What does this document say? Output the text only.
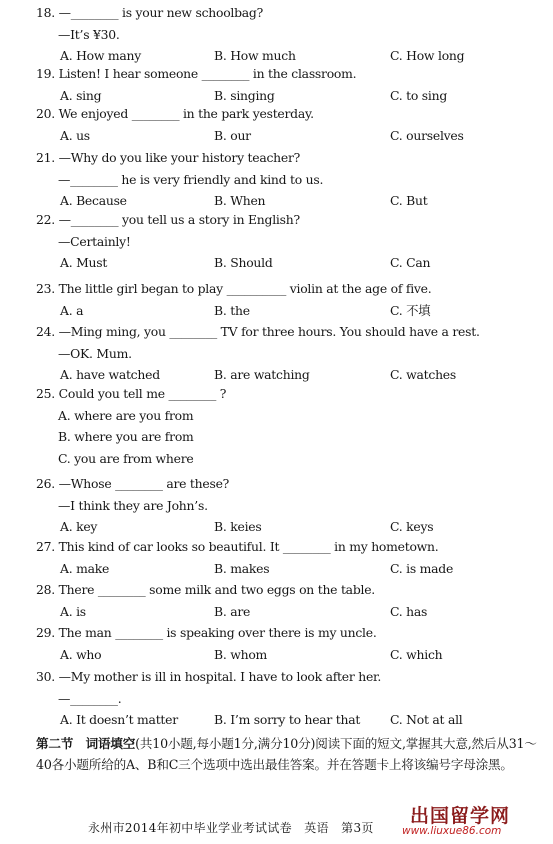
18. —________ is your new schoolbag?
—It’s ¥30.
A. How many	B. How much	C. How long
19. Listen! I hear someone ________ in the classroom.
A. sing	B. singing	C. to sing
20. We enjoyed ________ in the park yesterday.
A. us	B. our	C. ourselves
21. —Why do you like your history teacher?
—________ he is very friendly and kind to us.
A. Because	B. When	C. But
22. —________ you tell us a story in English?
—Certainly!
A. Must	B. Should	C. Can
23. The little girl began to play __________ violin at the age of five.
A. a	B. the	C. 不填
24. —Ming ming, you ________ TV for three hours. You should have a rest.
—OK. Mum.
A. have watched	B. are watching	C. watches
25. Could you tell me ________ ?
A. where are you from
B. where you are from
C. you are from where
26. —Whose ________ are these?
—I think they are John’s.
A. key	B. keies	C. keys
27. This kind of car looks so beautiful. It ________ in my hometown.
A. make	B. makes	C. is made
28. There ________ some milk and two eggs on the table.
A. is	B. are	C. has
29. The man ________ is speaking over there is my uncle.
A. who	B. whom	C. which
30. —My mother is ill in hospital. I have to look after her.
—________.
A. It doesn’t matter	B. I’m sorry to hear that C. Not at all
第二节　词语填空(共10小题,每小题1分,满分10分)阅读下面的短文,掌握其大意,然后从31～40各小题所给的A、B和C三个选项中选出最佳答案。并在答题卡上将该编号字母涂黑。
永州市2014年初中毕业学业考试试卷　英语　第3页
出国留学网
www.liuxue86.com
